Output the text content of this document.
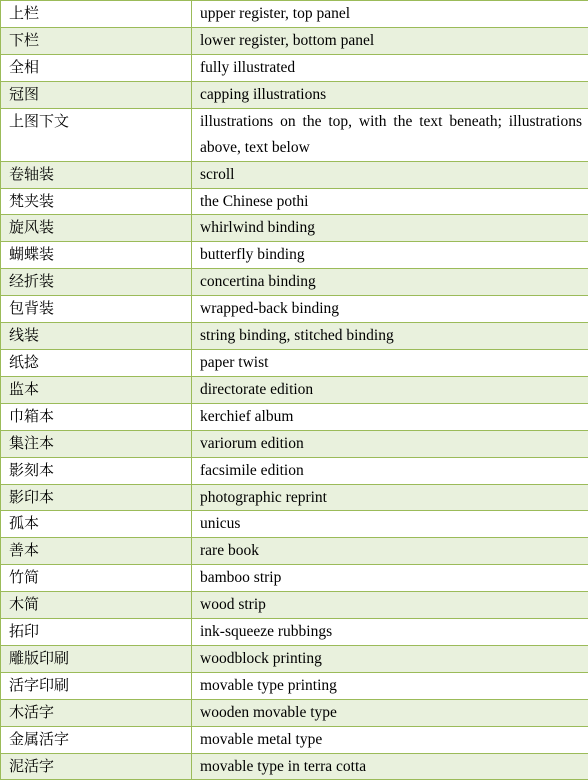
上栏	upper register, top panel
下栏	lower register, bottom panel
全相	fully illustrated
冠图	capping illustrations
上图下文	illustrations on the top, with the text beneath; illustrations above, text below
卷轴装	scroll
梵夹装	the Chinese pothi
旋风装	whirlwind binding
蝴蝶装	butterfly binding
经折装	concertina binding
包背装	wrapped-back binding
线装	string binding, stitched binding
纸捻	paper twist
监本	directorate edition
巾箱本	kerchief album
集注本	variorum edition
影刻本	facsimile edition
影印本	photographic reprint
孤本	unicus
善本	rare book
竹简	bamboo strip
木简	wood strip
拓印	ink-squeeze rubbings
雕版印刷	woodblock printing
活字印刷	movable type printing
木活字	wooden movable type
金属活字	movable metal type
泥活字	movable type in terra cotta
